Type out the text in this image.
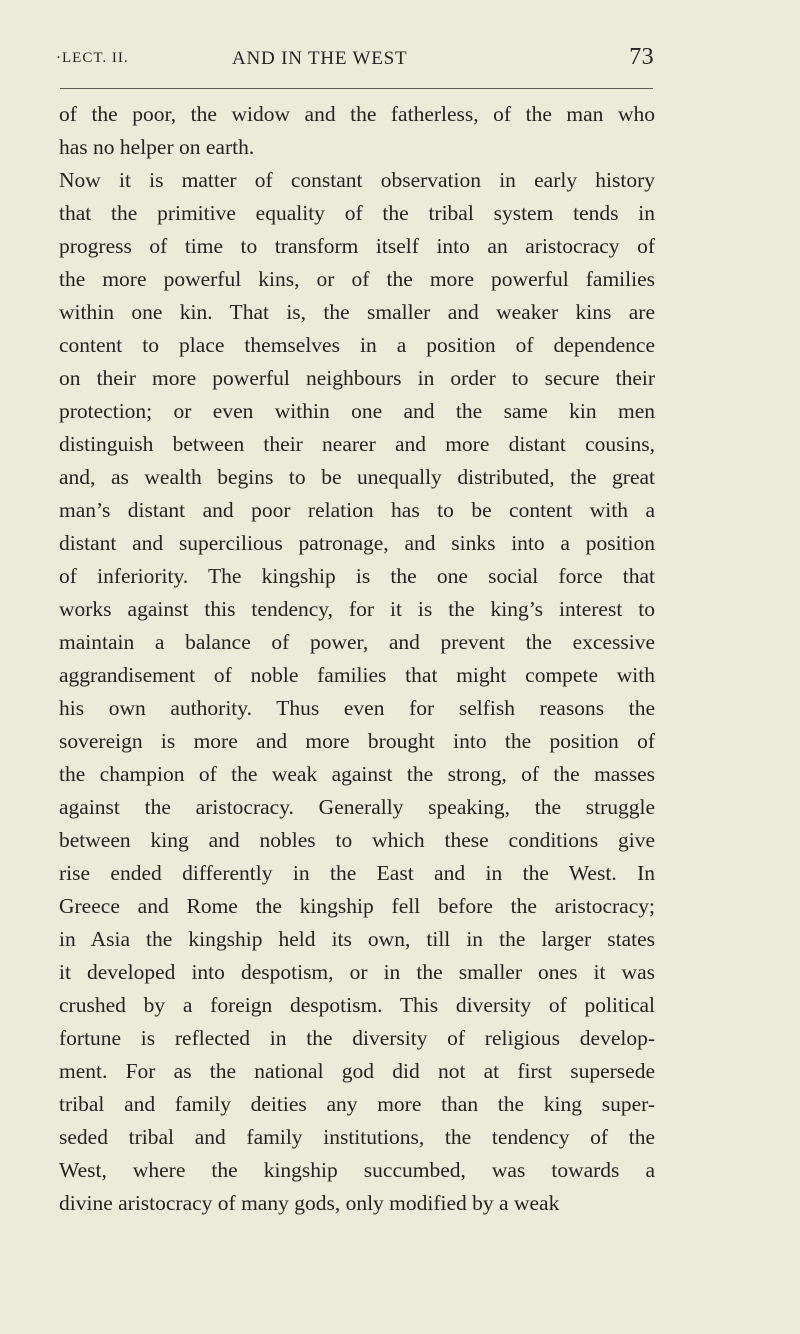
·LECT. II.	AND IN THE WEST	73
of the poor, the widow and the fatherless, of the man who
has no helper on earth.
Now it is matter of constant observation in early history
that the primitive equality of the tribal system tends in
progress of time to transform itself into an aristocracy of
the more powerful kins, or of the more powerful families
within one kin. That is, the smaller and weaker kins are
content to place themselves in a position of dependence
on their more powerful neighbours in order to secure their
protection; or even within one and the same kin men
distinguish between their nearer and more distant cousins,
and, as wealth begins to be unequally distributed, the great
man’s distant and poor relation has to be content with a
distant and supercilious patronage, and sinks into a position
of inferiority. The kingship is the one social force that
works against this tendency, for it is the king’s interest to
maintain a balance of power, and prevent the excessive
aggrandisement of noble families that might compete with
his own authority. Thus even for selfish reasons the
sovereign is more and more brought into the position of
the champion of the weak against the strong, of the masses
against the aristocracy. Generally speaking, the struggle
between king and nobles to which these conditions give
rise ended differently in the East and in the West. In
Greece and Rome the kingship fell before the aristocracy;
in Asia the kingship held its own, till in the larger states
it developed into despotism, or in the smaller ones it was
crushed by a foreign despotism. This diversity of political
fortune is reflected in the diversity of religious develop-
ment. For as the national god did not at first supersede
tribal and family deities any more than the king super-
seded tribal and family institutions, the tendency of the
West, where the kingship succumbed, was towards a
divine aristocracy of many gods, only modified by a weak
